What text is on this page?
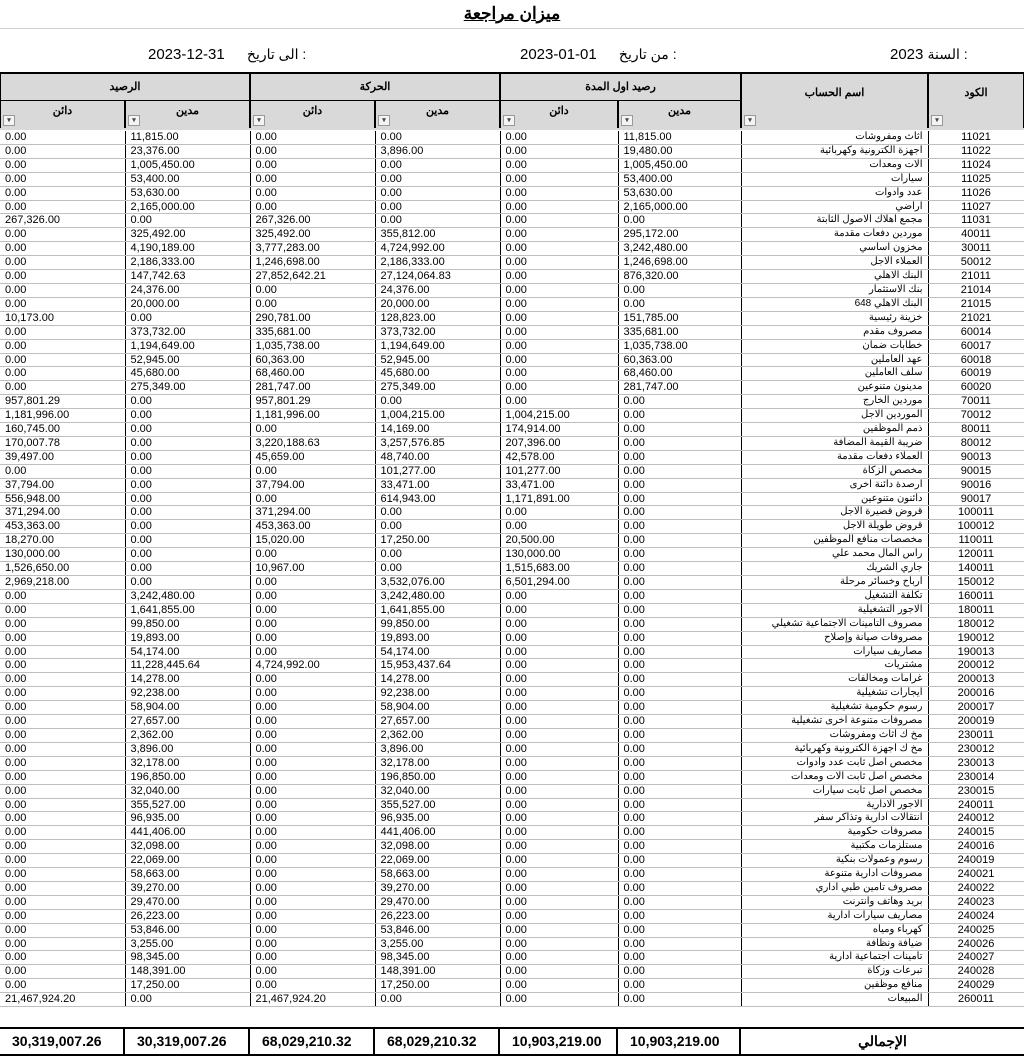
ميزان مراجعة
2023 السنة :
2023-01-01 من تاريخ :
2023-12-31 الى تاريخ :
الكود
▾
اسم الحساب
▾
رصيد اول المدة
الحركة
الرصيد
مدين
▾
دائن
▾
مدين
▾
دائن
▾
مدين
▾
دائن
▾
0.00	11,815.00	0.00	0.00	0.00	11,815.00	أثاث ومفروشات	11021
0.00	23,376.00	0.00	3,896.00	0.00	19,480.00	اجهزة الكترونية وكهربائية	11022
0.00	1,005,450.00	0.00	0.00	0.00	1,005,450.00	الات ومعدات	11024
0.00	53,400.00	0.00	0.00	0.00	53,400.00	سيارات	11025
0.00	53,630.00	0.00	0.00	0.00	53,630.00	عدد وادوات	11026
0.00	2,165,000.00	0.00	0.00	0.00	2,165,000.00	اراضي	11027
267,326.00	0.00	267,326.00	0.00	0.00	0.00	مجمع اهلاك الاصول الثابتة	11031
0.00	325,492.00	325,492.00	355,812.00	0.00	295,172.00	موردين دفعات مقدمة	40011
0.00	4,190,189.00	3,777,283.00	4,724,992.00	0.00	3,242,480.00	مخزون اساسي	30011
0.00	2,186,333.00	1,246,698.00	2,186,333.00	0.00	1,246,698.00	العملاء الاجل	50012
0.00	147,742.63	27,852,642.21	27,124,064.83	0.00	876,320.00	البنك الاهلي	21011
0.00	24,376.00	0.00	24,376.00	0.00	0.00	بنك الاستثمار	21014
0.00	20,000.00	0.00	20,000.00	0.00	0.00	البنك الاهلي 648	21015
10,173.00	0.00	290,781.00	128,823.00	0.00	151,785.00	خزينة رئيسية	21021
0.00	373,732.00	335,681.00	373,732.00	0.00	335,681.00	مصروف مقدم	60014
0.00	1,194,649.00	1,035,738.00	1,194,649.00	0.00	1,035,738.00	خطابات ضمان	60017
0.00	52,945.00	60,363.00	52,945.00	0.00	60,363.00	عهد العاملين	60018
0.00	45,680.00	68,460.00	45,680.00	0.00	68,460.00	سلف العاملين	60019
0.00	275,349.00	281,747.00	275,349.00	0.00	281,747.00	مدينون متنوعين	60020
957,801.29	0.00	957,801.29	0.00	0.00	0.00	موردين الخارج	70011
1,181,996.00	0.00	1,181,996.00	1,004,215.00	1,004,215.00	0.00	الموردين الاجل	70012
160,745.00	0.00	0.00	14,169.00	174,914.00	0.00	ذمم الموظفين	80011
170,007.78	0.00	3,220,188.63	3,257,576.85	207,396.00	0.00	ضريبة القيمة المضافة	80012
39,497.00	0.00	45,659.00	48,740.00	42,578.00	0.00	العملاء دفعات مقدمة	90013
0.00	0.00	0.00	101,277.00	101,277.00	0.00	مخصص الزكاة	90015
37,794.00	0.00	37,794.00	33,471.00	33,471.00	0.00	ارصدة دائنة اخرى	90016
556,948.00	0.00	0.00	614,943.00	1,171,891.00	0.00	دائنون متنوعين	90017
371,294.00	0.00	371,294.00	0.00	0.00	0.00	قروض قصيرة الاجل	100011
453,363.00	0.00	453,363.00	0.00	0.00	0.00	قروض طويلة الاجل	100012
18,270.00	0.00	15,020.00	17,250.00	20,500.00	0.00	مخصصات منافع الموظفين	110011
130,000.00	0.00	0.00	0.00	130,000.00	0.00	رأس المال محمد علي	120011
1,526,650.00	0.00	10,967.00	0.00	1,515,683.00	0.00	جاري الشريك	140011
2,969,218.00	0.00	0.00	3,532,076.00	6,501,294.00	0.00	ارباح وخسائر مرحلة	150012
0.00	3,242,480.00	0.00	3,242,480.00	0.00	0.00	تكلفة التشغيل	160011
0.00	1,641,855.00	0.00	1,641,855.00	0.00	0.00	الاجور التشغيلية	180011
0.00	99,850.00	0.00	99,850.00	0.00	0.00	مصروف التامينات الاجتماعية تشغيلي	180012
0.00	19,893.00	0.00	19,893.00	0.00	0.00	مصروفات صيانة وإصلاح	190012
0.00	54,174.00	0.00	54,174.00	0.00	0.00	مصاريف سيارات	190013
0.00	11,228,445.64	4,724,992.00	15,953,437.64	0.00	0.00	مشتريات	200012
0.00	14,278.00	0.00	14,278.00	0.00	0.00	غرامات ومخالفات	200013
0.00	92,238.00	0.00	92,238.00	0.00	0.00	ايجارات تشغيلية	200016
0.00	58,904.00	0.00	58,904.00	0.00	0.00	رسوم حكومية تشغيلية	200017
0.00	27,657.00	0.00	27,657.00	0.00	0.00	مصروفات متنوعة اخرى تشغيلية	200019
0.00	2,362.00	0.00	2,362.00	0.00	0.00	مخ ك أثاث ومفروشات	230011
0.00	3,896.00	0.00	3,896.00	0.00	0.00	مخ ك اجهزة الكترونية وكهربائية	230012
0.00	32,178.00	0.00	32,178.00	0.00	0.00	مخصص اصل ثابت عدد وادوات	230013
0.00	196,850.00	0.00	196,850.00	0.00	0.00	مخصص اصل ثابت الات ومعدات	230014
0.00	32,040.00	0.00	32,040.00	0.00	0.00	مخصص اصل ثابت سيارات	230015
0.00	355,527.00	0.00	355,527.00	0.00	0.00	الاجور الادارية	240011
0.00	96,935.00	0.00	96,935.00	0.00	0.00	انتقالات ادارية وتذاكر سفر	240012
0.00	441,406.00	0.00	441,406.00	0.00	0.00	مصروفات حكومية	240015
0.00	32,098.00	0.00	32,098.00	0.00	0.00	مستلزمات مكتبية	240016
0.00	22,069.00	0.00	22,069.00	0.00	0.00	رسوم وعمولات بنكية	240019
0.00	58,663.00	0.00	58,663.00	0.00	0.00	مصروفات ادارية متنوعة	240021
0.00	39,270.00	0.00	39,270.00	0.00	0.00	مصروف تأمين طبي اداري	240022
0.00	29,470.00	0.00	29,470.00	0.00	0.00	بريد وهاتف وانترنت	240023
0.00	26,223.00	0.00	26,223.00	0.00	0.00	مصاريف سيارات ادارية	240024
0.00	53,846.00	0.00	53,846.00	0.00	0.00	كهرباء ومياه	240025
0.00	3,255.00	0.00	3,255.00	0.00	0.00	ضيافة ونظافة	240026
0.00	98,345.00	0.00	98,345.00	0.00	0.00	تأمينات اجتماعية ادارية	240027
0.00	148,391.00	0.00	148,391.00	0.00	0.00	تبرعات وزكاة	240028
0.00	17,250.00	0.00	17,250.00	0.00	0.00	منافع موظفين	240029
21,467,924.20	0.00	21,467,924.20	0.00	0.00	0.00	المبيعات	260011
30,319,007.26	30,319,007.26	68,029,210.32	68,029,210.32	10,903,219.00	10,903,219.00	الإجمالي
